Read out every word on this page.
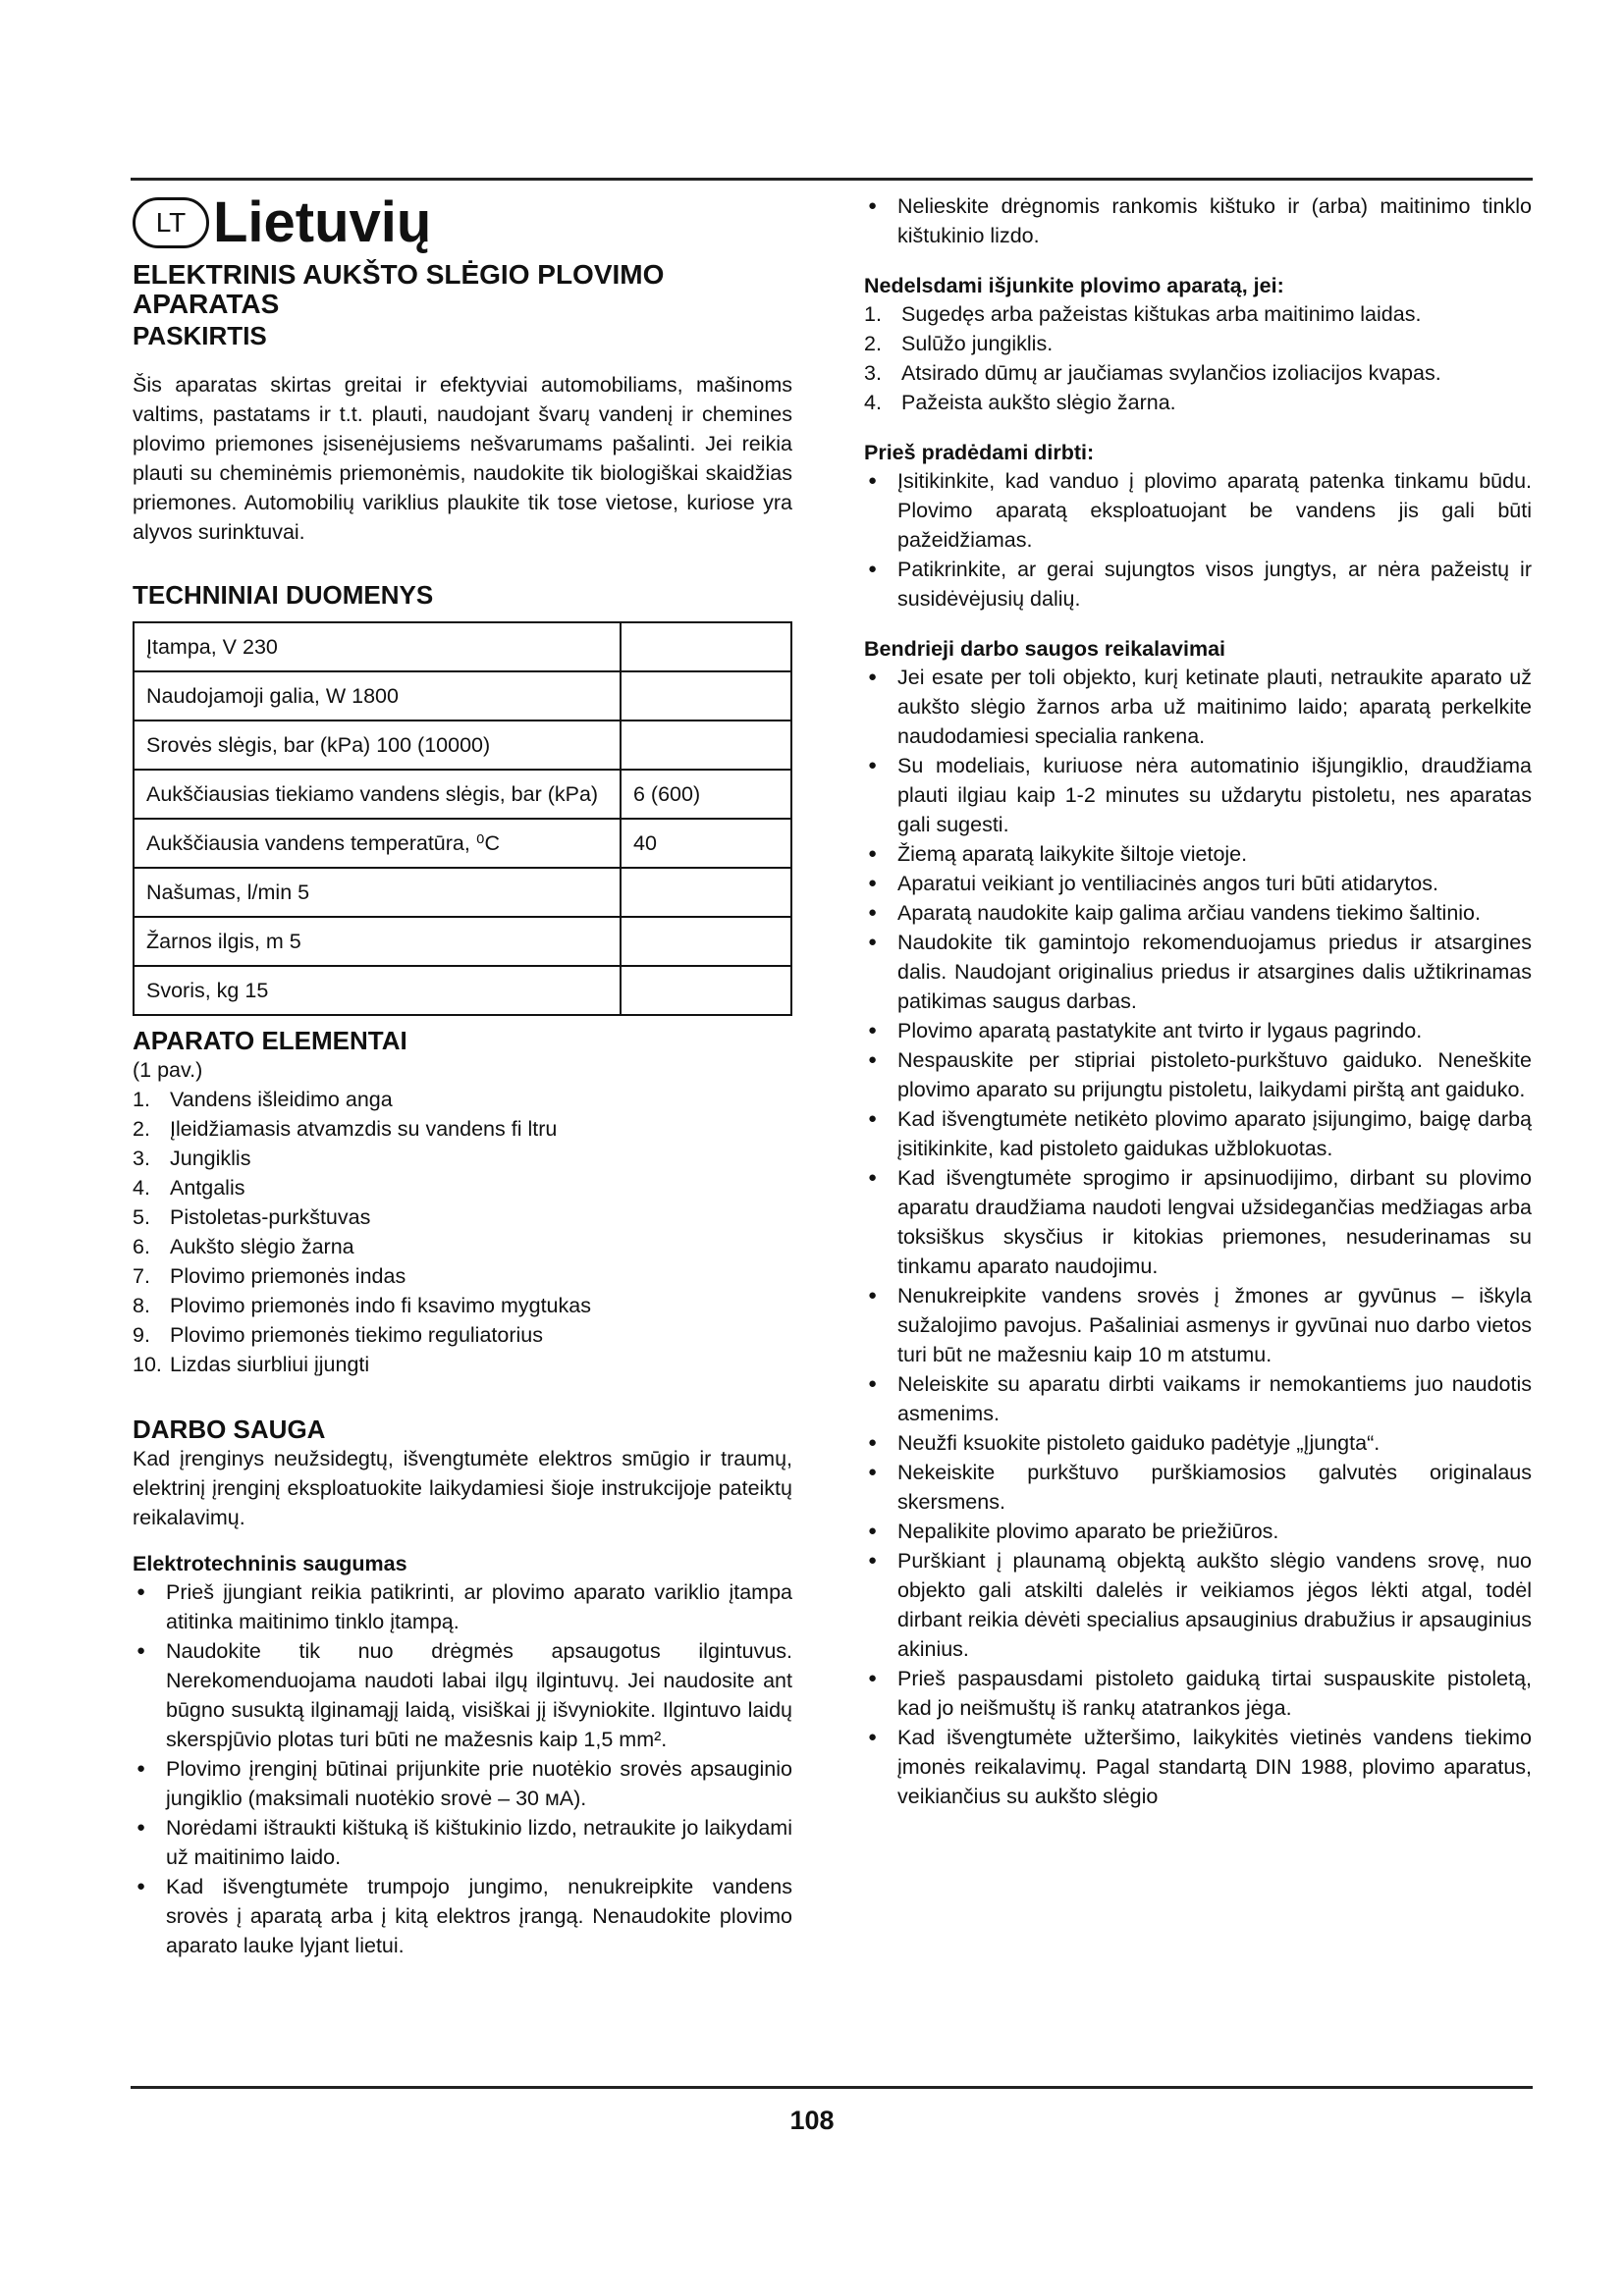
LT Lietuvių
ELEKTRINIS AUKŠTO SLĖGIO PLOVIMO APARATAS
PASKIRTIS

Šis aparatas skirtas greitai ir efektyviai automobiliams, mašinoms valtims, pastatams ir t.t. plauti, naudojant švarų vandenį ir chemines plovimo priemones įsisenėjusiems nešvarumams pašalinti. Jei reikia plauti su cheminėmis priemonėmis, naudokite tik biologiškai skaidžias priemones. Automobilių variklius plaukite tik tose vietose, kuriose yra alyvos surinktuvai.

TECHNINIAI DUOMENYS
Įtampa, V 230	
Naudojamoji galia, W 1800	
Srovės slėgis, bar (kPa) 100 (10000)	
Aukščiausias tiekiamo vandens slėgis, bar (kPa)	6 (600)
Aukščiausia vandens temperatūra, ⁰C	40
Našumas, l/min 5	
Žarnos ilgis, m 5	
Svoris, kg 15	
APARATO ELEMENTAI
(1 pav.)
1. Vandens išleidimo anga
2. Įleidžiamasis atvamzdis su vandens fi ltru
3. Jungiklis
4. Antgalis
5. Pistoletas-purkštuvas
6. Aukšto slėgio žarna
7. Plovimo priemonės indas
8. Plovimo priemonės indo fi ksavimo mygtukas
9. Plovimo priemonės tiekimo reguliatorius
10. Lizdas siurbliui įjungti
DARBO SAUGA

Kad įrenginys neužsidegtų, išvengtumėte elektros smūgio ir traumų, elektrinį įrenginį eksploatuokite laikydamiesi šioje instrukcijoje pateiktų reikalavimų.

Elektrotechninis saugumas
● Prieš įjungiant reikia patikrinti, ar plovimo aparato variklio įtampa atitinka maitinimo tinklo įtampą.
● Naudokite tik nuo drėgmės apsaugotus ilgintuvus. Nerekomenduojama naudoti labai ilgų ilgintuvų. Jei naudosite ant būgno susuktą ilginamąjį laidą, visiškai jį išvyniokite. Ilgintuvo laidų skerspjūvio plotas turi būti ne mažesnis kaip 1,5 mm².
● Plovimo įrenginį būtinai prijunkite prie nuotėkio srovės apsauginio jungiklio (maksimali nuotėkio srovė – 30 мА).
● Norėdami ištraukti kištuką iš kištukinio lizdo, netraukite jo laikydami už maitinimo laido.
● Kad išvengtumėte trumpojo jungimo, nenukreipkite vandens srovės į aparatą arba į kitą elektros įrangą. Nenaudokite plovimo aparato lauke lyjant lietui.
● Nelieskite drėgnomis rankomis kištuko ir (arba) maitinimo tinklo kištukinio lizdo.
Nedelsdami išjunkite plovimo aparatą, jei:
1. Sugedęs arba pažeistas kištukas arba maitinimo laidas.
2. Sulūžo jungiklis.
3. Atsirado dūmų ar jaučiamas svylančios izoliacijos kvapas.
4. Pažeista aukšto slėgio žarna.
Prieš pradėdami dirbti:
● Įsitikinkite, kad vanduo į plovimo aparatą patenka tinkamu būdu. Plovimo aparatą eksploatuojant be vandens jis gali būti pažeidžiamas.
● Patikrinkite, ar gerai sujungtos visos jungtys, ar nėra pažeistų ir susidėvėjusių dalių.
Bendrieji darbo saugos reikalavimai
● Jei esate per toli objekto, kurį ketinate plauti, netraukite aparato už aukšto slėgio žarnos arba už maitinimo laido; aparatą perkelkite naudodamiesi specialia rankena.
● Su modeliais, kuriuose nėra automatinio išjungiklio, draudžiama plauti ilgiau kaip 1-2 minutes su uždarytu pistoletu, nes aparatas gali sugesti.
● Žiemą aparatą laikykite šiltoje vietoje.
● Aparatui veikiant jo ventiliacinės angos turi būti atidarytos.
● Aparatą naudokite kaip galima arčiau vandens tiekimo šaltinio.
● Naudokite tik gamintojo rekomenduojamus priedus ir atsargines dalis. Naudojant originalius priedus ir atsargines dalis užtikrinamas patikimas saugus darbas.
● Plovimo aparatą pastatykite ant tvirto ir lygaus pagrindo.
● Nespauskite per stipriai pistoleto-purkštuvo gaiduko. Neneškite plovimo aparato su prijungtu pistoletu, laikydami pirštą ant gaiduko.
● Kad išvengtumėte netikėto plovimo aparato įsijungimo, baigę darbą įsitikinkite, kad pistoleto gaidukas užblokuotas.
● Kad išvengtumėte sprogimo ir apsinuodijimo, dirbant su plovimo aparatu draudžiama naudoti lengvai užsidegančias medžiagas arba toksiškus skysčius ir kitokias priemones, nesuderinamas su tinkamu aparato naudojimu.
● Nenukreipkite vandens srovės į žmones ar gyvūnus – iškyla sužalojimo pavojus. Pašaliniai asmenys ir gyvūnai nuo darbo vietos turi būt ne mažesniu kaip 10 m atstumu.
● Neleiskite su aparatu dirbti vaikams ir nemokantiems juo naudotis asmenims.
● Neužfi ksuokite pistoleto gaiduko padėtyje „Įjungta“.
● Nekeiskite purkštuvo purškiamosios galvutės originalaus skersmens.
● Nepalikite plovimo aparato be priežiūros.
● Purškiant į plaunamą objektą aukšto slėgio vandens srovę, nuo objekto gali atskilti dalelės ir veikiamos jėgos lėkti atgal, todėl dirbant reikia dėvėti specialius apsauginius drabužius ir apsauginius akinius.
● Prieš paspausdami pistoleto gaiduką tirtai suspauskite pistoletą, kad jo neišmuštų iš rankų atatrankos jėga.
● Kad išvengtumėte užteršimo, laikykitės vietinės vandens tiekimo įmonės reikalavimų. Pagal standartą DIN 1988, plovimo aparatus, veikiančius su aukšto slėgio
108
